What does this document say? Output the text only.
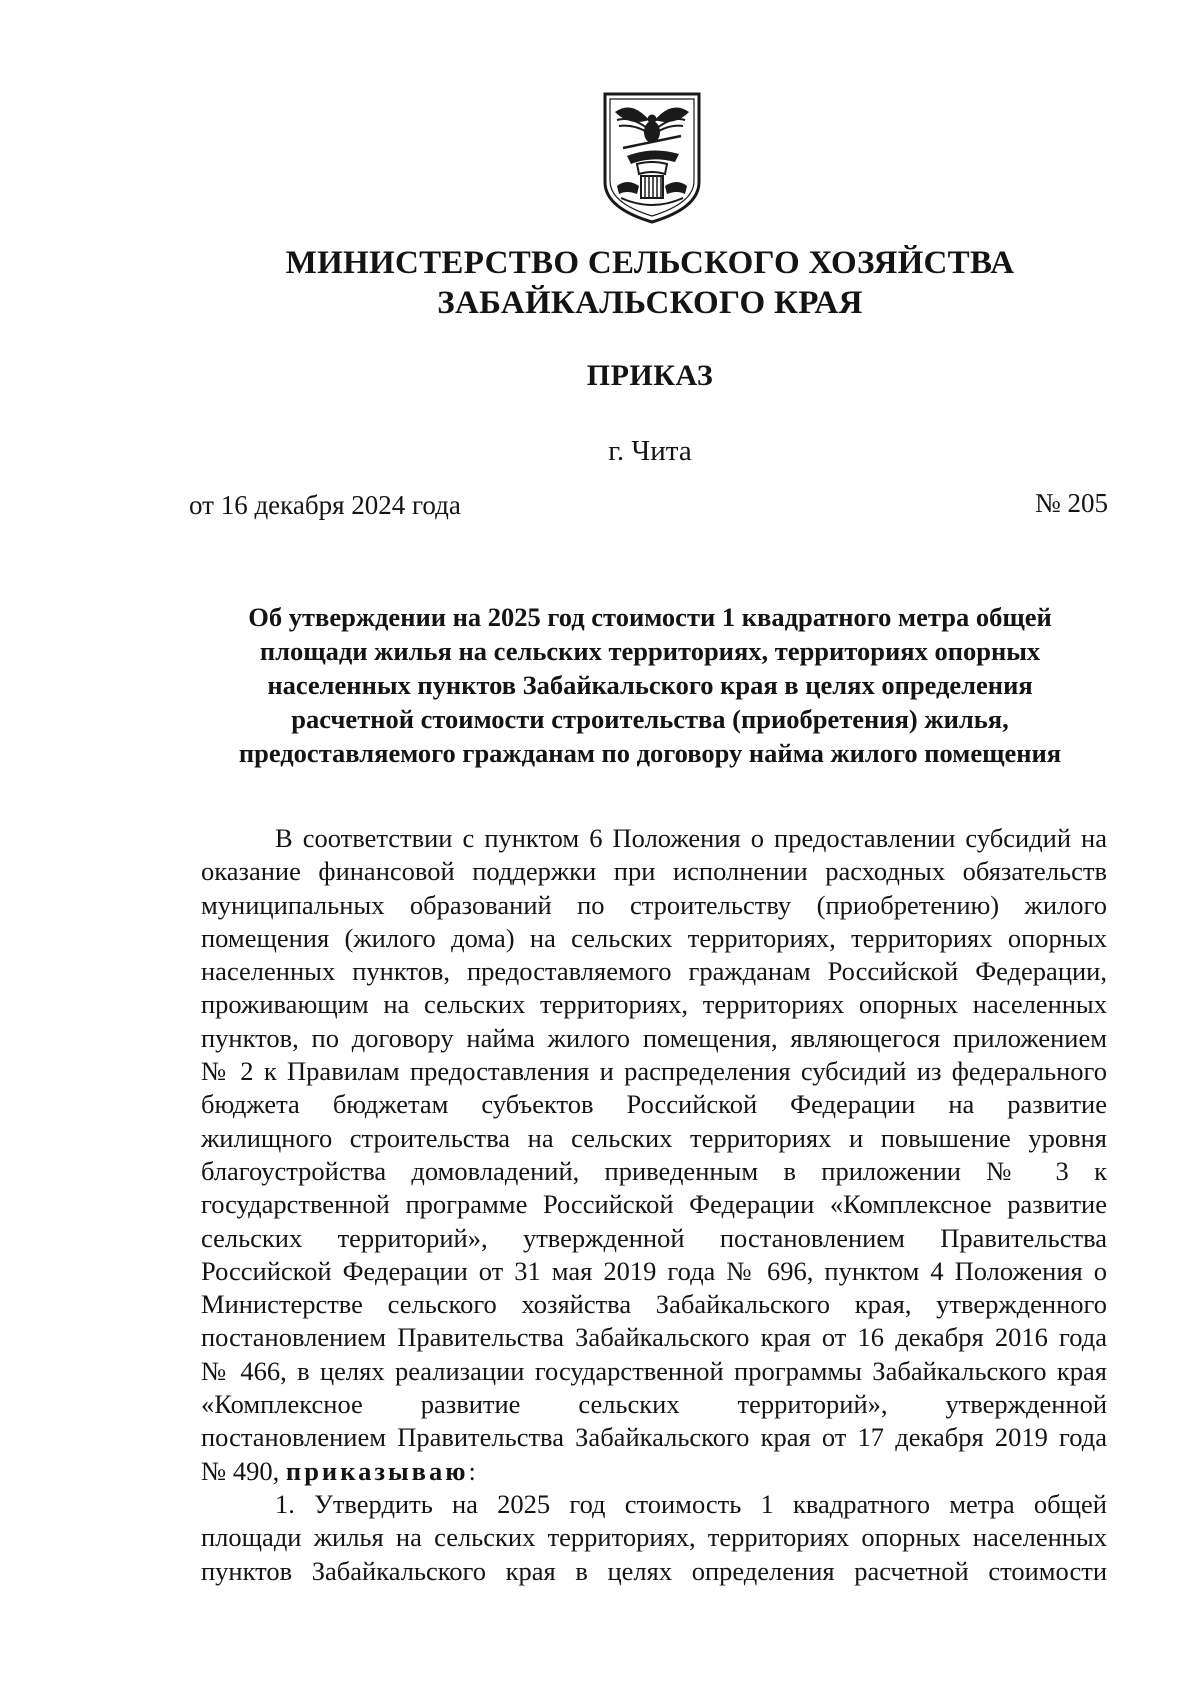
МИНИСТЕРСТВО СЕЛЬСКОГО ХОЗЯЙСТВА
ЗАБАЙКАЛЬСКОГО КРАЯ
ПРИКАЗ
г. Чита
от 16 декабря 2024 года	№ 205
Об утверждении на 2025 год стоимости 1 квадратного метра общей
площади жилья на сельских территориях, территориях опорных
населенных пунктов Забайкальского края в целях определения
расчетной стоимости строительства (приобретения) жилья,
предоставляемого гражданам по договору найма жилого помещения
В соответствии с пунктом 6 Положения о предоставлении субсидий на
оказание финансовой поддержки при исполнении расходных обязательств
муниципальных образований по строительству (приобретению) жилого
помещения (жилого дома) на сельских территориях, территориях опорных
населенных пунктов, предоставляемого гражданам Российской Федерации,
проживающим на сельских территориях, территориях опорных населенных
пунктов, по договору найма жилого помещения, являющегося приложением
№ 2 к Правилам предоставления и распределения субсидий из федерального
бюджета бюджетам субъектов Российской Федерации на развитие
жилищного строительства на сельских территориях и повышение уровня
благоустройства домовладений, приведенным в приложении № 3 к
государственной программе Российской Федерации «Комплексное развитие
сельских территорий», утвержденной постановлением Правительства
Российской Федерации от 31 мая 2019 года № 696, пунктом 4 Положения о
Министерстве сельского хозяйства Забайкальского края, утвержденного
постановлением Правительства Забайкальского края от 16 декабря 2016 года
№ 466, в целях реализации государственной программы Забайкальского края
«Комплексное развитие сельских территорий», утвержденной
постановлением Правительства Забайкальского края от 17 декабря 2019 года
№ 490, приказываю:
1. Утвердить на 2025 год стоимость 1 квадратного метра общей
площади жилья на сельских территориях, территориях опорных населенных
пунктов Забайкальского края в целях определения расчетной стоимости
